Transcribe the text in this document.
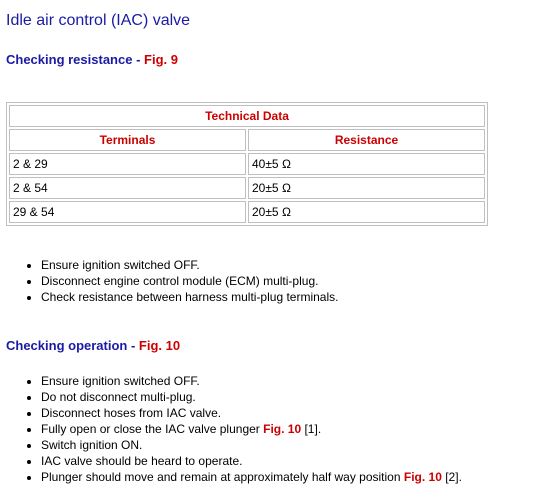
Idle air control (IAC) valve
Checking resistance - Fig. 9
Technical Data	
Terminals	Resistance
2 & 29	40±5 Ω
2 & 54	20±5 Ω
29 & 54	20±5 Ω
• Ensure ignition switched OFF.
• Disconnect engine control module (ECM) multi-plug.
• Check resistance between harness multi-plug terminals.
Checking operation - Fig. 10
• Ensure ignition switched OFF.
• Do not disconnect multi-plug.
• Disconnect hoses from IAC valve.
• Fully open or close the IAC valve plunger Fig. 10 [1].
• Switch ignition ON.
• IAC valve should be heard to operate.
• Plunger should move and remain at approximately half way position Fig. 10 [2].
